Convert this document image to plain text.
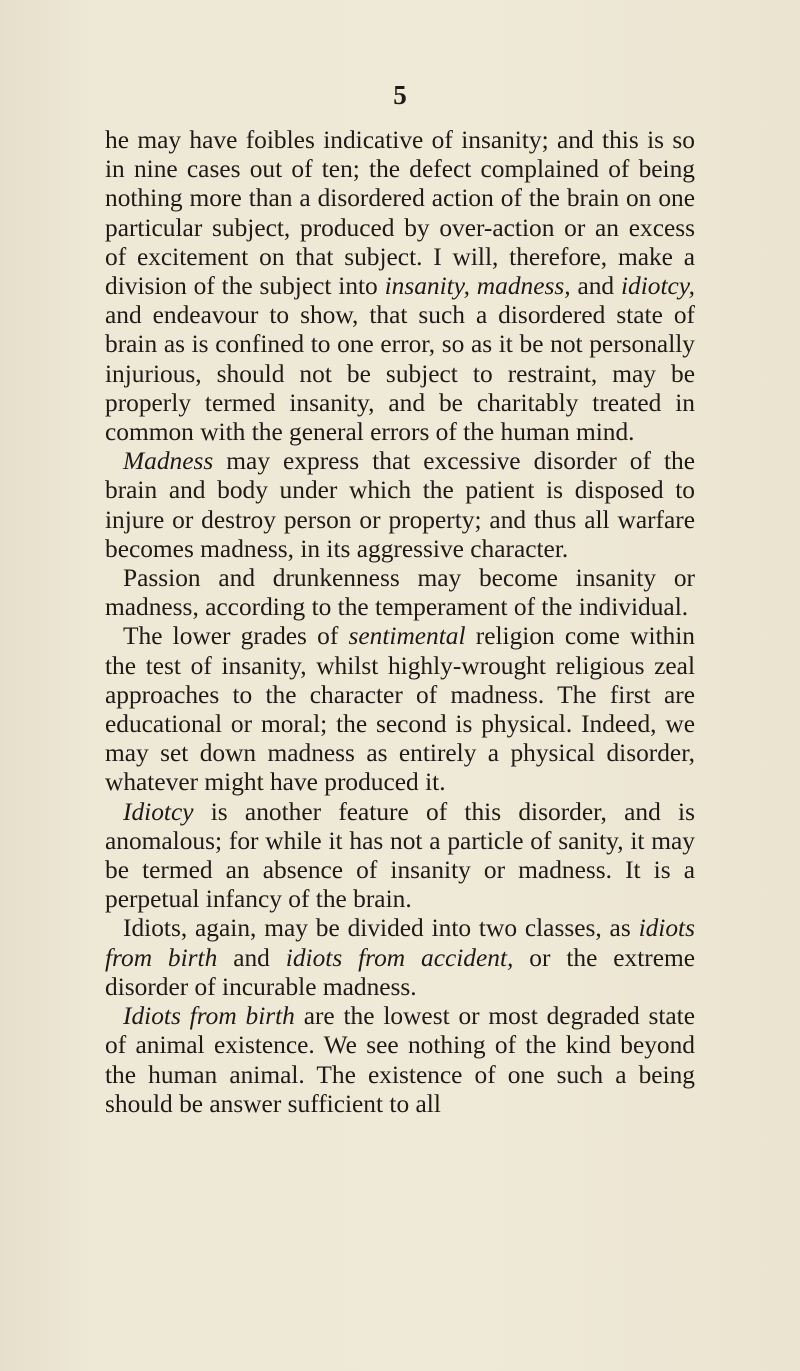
5

he may have foibles indicative of insanity; and this is so in nine cases out of ten; the defect complained of being nothing more than a disordered action of the brain on one particular subject, produced by over-action or an excess of excitement on that subject. I will, therefore, make a division of the subject into insanity, madness, and idiotcy, and endeavour to show, that such a disordered state of brain as is confined to one error, so as it be not personally injurious, should not be subject to restraint, may be properly termed insanity, and be charitably treated in common with the general errors of the human mind.

Madness may express that excessive disorder of the brain and body under which the patient is disposed to injure or destroy person or property; and thus all warfare becomes madness, in its aggressive character.

Passion and drunkenness may become insanity or madness, according to the temperament of the individual.

The lower grades of sentimental religion come within the test of insanity, whilst highly-wrought religious zeal approaches to the character of madness. The first are educational or moral; the second is physical. Indeed, we may set down madness as entirely a physical disorder, whatever might have produced it.

Idiotcy is another feature of this disorder, and is anomalous; for while it has not a particle of sanity, it may be termed an absence of insanity or madness. It is a perpetual infancy of the brain.

Idiots, again, may be divided into two classes, as idiots from birth and idiots from accident, or the extreme disorder of incurable madness.

Idiots from birth are the lowest or most degraded state of animal existence. We see nothing of the kind beyond the human animal. The existence of one such a being should be answer sufficient to all
